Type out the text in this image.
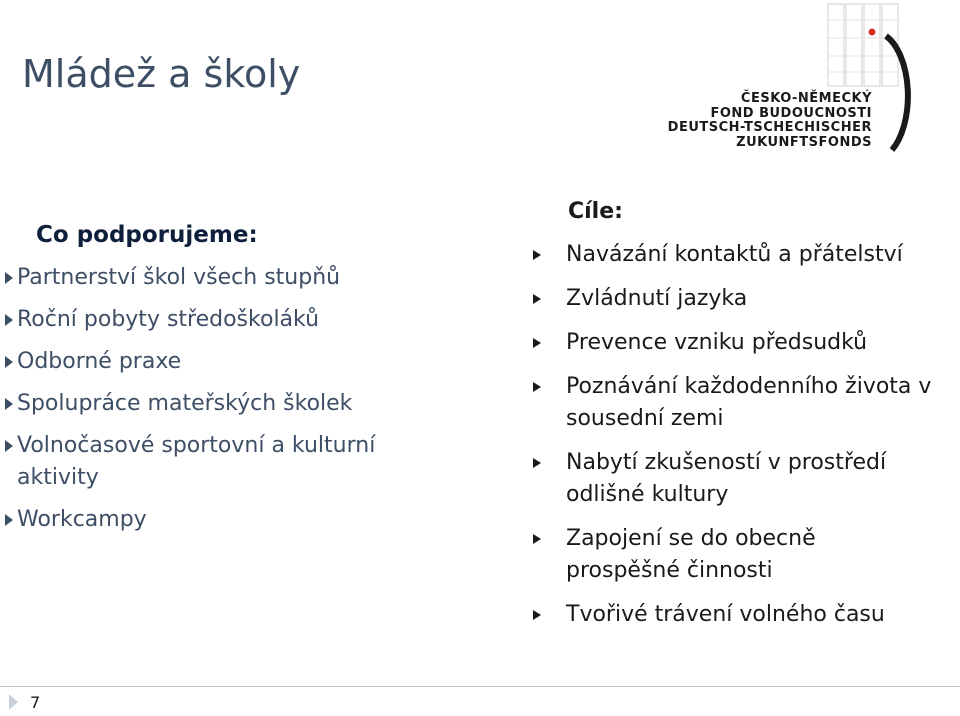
Mládež a školy
ČESKO-NĚMECKÝ
FOND BUDOUCNOSTI
DEUTSCH-TSCHECHISCHER
ZUKUNFTSFONDS
Co podporujeme:
Partnerství škol všech stupňů
Roční pobyty středoškoláků
Odborné praxe
Spolupráce mateřských školek
Volnočasové sportovní a kulturní aktivity
Workcampy
Cíle:
Navázání kontaktů a přátelství
Zvládnutí jazyka
Prevence vzniku předsudků
Poznávání každodenního života v sousední zemi
Nabytí zkušeností v prostředí odlišné kultury
Zapojení se do obecně prospěšné činnosti
Tvořivé trávení volného času
7
